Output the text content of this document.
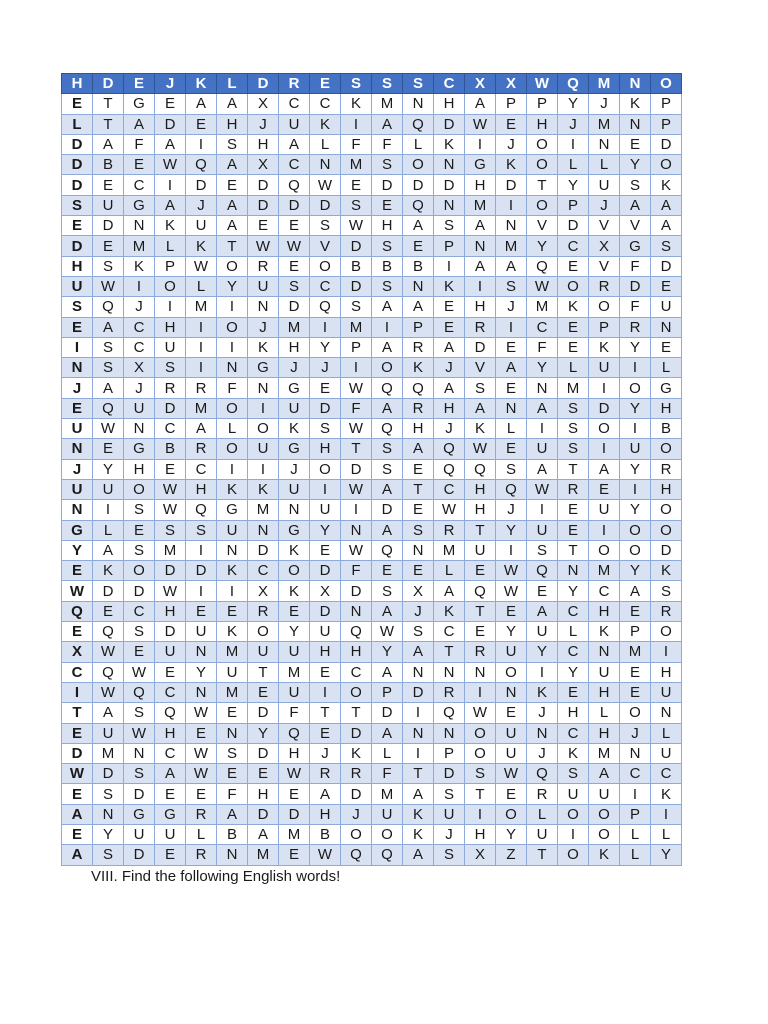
H	D	E	J	K	L	D	R	E	S	S	S	C	X	X	W	Q	M	N	O
E	T	G	E	A	A	X	C	C	K	M	N	H	A	P	P	Y	J	K	P
L	T	A	D	E	H	J	U	K	I	A	Q	D	W	E	H	J	M	N	P
D	A	F	A	I	S	H	A	L	F	F	L	K	I	J	O	I	N	E	D
D	B	E	W	Q	A	X	C	N	M	S	O	N	G	K	O	L	L	Y	O
D	E	C	I	D	E	D	Q	W	E	D	D	D	H	D	T	Y	U	S	K
S	U	G	A	J	A	D	D	D	S	E	Q	N	M	I	O	P	J	A	A
E	D	N	K	U	A	E	E	S	W	H	A	S	A	N	V	D	V	V	A
D	E	M	L	K	T	W	W	V	D	S	E	P	N	M	Y	C	X	G	S
H	S	K	P	W	O	R	E	O	B	B	B	I	A	A	Q	E	V	F	D
U	W	I	O	L	Y	U	S	C	D	S	N	K	I	S	W	O	R	D	E
S	Q	J	I	M	I	N	D	Q	S	A	A	E	H	J	M	K	O	F	U
E	A	C	H	I	O	J	M	I	M	I	P	E	R	I	C	E	P	R	N
I	S	C	U	I	I	K	H	Y	P	A	R	A	D	E	F	E	K	Y	E
N	S	X	S	I	N	G	J	J	I	O	K	J	V	A	Y	L	U	I	L
J	A	J	R	R	F	N	G	E	W	Q	Q	A	S	E	N	M	I	O	G
E	Q	U	D	M	O	I	U	D	F	A	R	H	A	N	A	S	D	Y	H
U	W	N	C	A	L	O	K	S	W	Q	H	J	K	L	I	S	O	I	B
N	E	G	B	R	O	U	G	H	T	S	A	Q	W	E	U	S	I	U	O
J	Y	H	E	C	I	I	J	O	D	S	E	Q	Q	S	A	T	A	Y	R
U	U	O	W	H	K	K	U	I	W	A	T	C	H	Q	W	R	E	I	H
N	I	S	W	Q	G	M	N	U	I	D	E	W	H	J	I	E	U	Y	O
G	L	E	S	S	U	N	G	Y	N	A	S	R	T	Y	U	E	I	O	O
Y	A	S	M	I	N	D	K	E	W	Q	N	M	U	I	S	T	O	O	D
E	K	O	D	D	K	C	O	D	F	E	E	L	E	W	Q	N	M	Y	K
W	D	D	W	I	I	X	K	X	D	S	X	A	Q	W	E	Y	C	A	S
Q	E	C	H	E	E	R	E	D	N	A	J	K	T	E	A	C	H	E	R
E	Q	S	D	U	K	O	Y	U	Q	W	S	C	E	Y	U	L	K	P	O
X	W	E	U	N	M	U	U	H	H	Y	A	T	R	U	Y	C	N	M	I
C	Q	W	E	Y	U	T	M	E	C	A	N	N	N	O	I	Y	U	E	H
I	W	Q	C	N	M	E	U	I	O	P	D	R	I	N	K	E	H	E	U
T	A	S	Q	W	E	D	F	T	T	D	I	Q	W	E	J	H	L	O	N
E	U	W	H	E	N	Y	Q	E	D	A	N	N	O	U	N	C	H	J	L
D	M	N	C	W	S	D	H	J	K	L	I	P	O	U	J	K	M	N	U
W	D	S	A	W	E	E	W	R	R	F	T	D	S	W	Q	S	A	C	C
E	S	D	E	E	F	H	E	A	D	M	A	S	T	E	R	U	U	I	K
A	N	G	G	R	A	D	D	H	J	U	K	U	I	O	L	O	O	P	I
E	Y	U	U	L	B	A	M	B	O	O	K	J	H	Y	U	I	O	L	L
A	S	D	E	R	N	M	E	W	Q	Q	A	S	X	Z	T	O	K	L	Y
VIII. Find the following English words!
